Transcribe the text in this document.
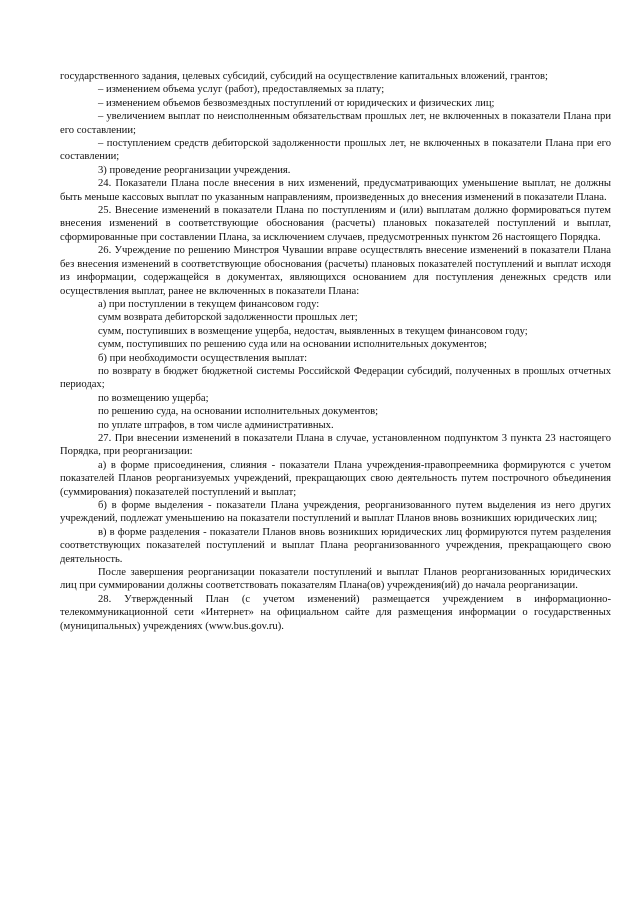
государственного задания, целевых субсидий, субсидий на осуществление капитальных вложений, грантов;

– изменением объема услуг (работ), предоставляемых за плату;

– изменением объемов безвозмездных поступлений от юридических и физических лиц;

– увеличением выплат по неисполненным обязательствам прошлых лет, не включенных в показатели Плана при его составлении;

– поступлением средств дебиторской задолженности прошлых лет, не включенных в показатели Плана при его составлении;

3) проведение реорганизации учреждения.

24. Показатели Плана после внесения в них изменений, предусматривающих уменьшение выплат, не должны быть меньше кассовых выплат по указанным направлениям, произведенных до внесения изменений в показатели Плана.

25. Внесение изменений в показатели Плана по поступлениям и (или) выплатам должно формироваться путем внесения изменений в соответствующие обоснования (расчеты) плановых показателей поступлений и выплат, сформированные при составлении Плана, за исключением случаев, предусмотренных пунктом 26 настоящего Порядка.

26. Учреждение по решению Минстроя Чувашии вправе осуществлять внесение изменений в показатели Плана без внесения изменений в соответствующие обоснования (расчеты) плановых показателей поступлений и выплат исходя из информации, содержащейся в документах, являющихся основанием для поступления денежных средств или осуществления выплат, ранее не включенных в показатели Плана:

а) при поступлении в текущем финансовом году:

сумм возврата дебиторской задолженности прошлых лет;

сумм, поступивших в возмещение ущерба, недостач, выявленных в текущем финансовом году;

сумм, поступивших по решению суда или на основании исполнительных документов;

б) при необходимости осуществления выплат:

по возврату в бюджет бюджетной системы Российской Федерации субсидий, полученных в прошлых отчетных периодах;

по возмещению ущерба;

по решению суда, на основании исполнительных документов;

по уплате штрафов, в том числе административных.

27. При внесении изменений в показатели Плана в случае, установленном подпунктом 3 пункта 23 настоящего Порядка, при реорганизации:

а) в форме присоединения, слияния - показатели Плана учреждения-правопреемника формируются с учетом показателей Планов реорганизуемых учреждений, прекращающих свою деятельность путем построчного объединения (суммирования) показателей поступлений и выплат;

б) в форме выделения - показатели Плана учреждения, реорганизованного путем выделения из него других учреждений, подлежат уменьшению на показатели поступлений и выплат Планов вновь возникших юридических лиц;

в) в форме разделения - показатели Планов вновь возникших юридических лиц формируются путем разделения соответствующих показателей поступлений и выплат Плана реорганизованного учреждения, прекращающего свою деятельность.

После завершения реорганизации показатели поступлений и выплат Планов реорганизованных юридических лиц при суммировании должны соответствовать показателям Плана(ов) учреждения(ий) до начала реорганизации.

28. Утвержденный План (с учетом изменений) размещается учреждением в информационно-телекоммуникационной сети «Интернет» на официальном сайте для размещения информации о государственных (муниципальных) учреждениях (www.bus.gov.ru).
